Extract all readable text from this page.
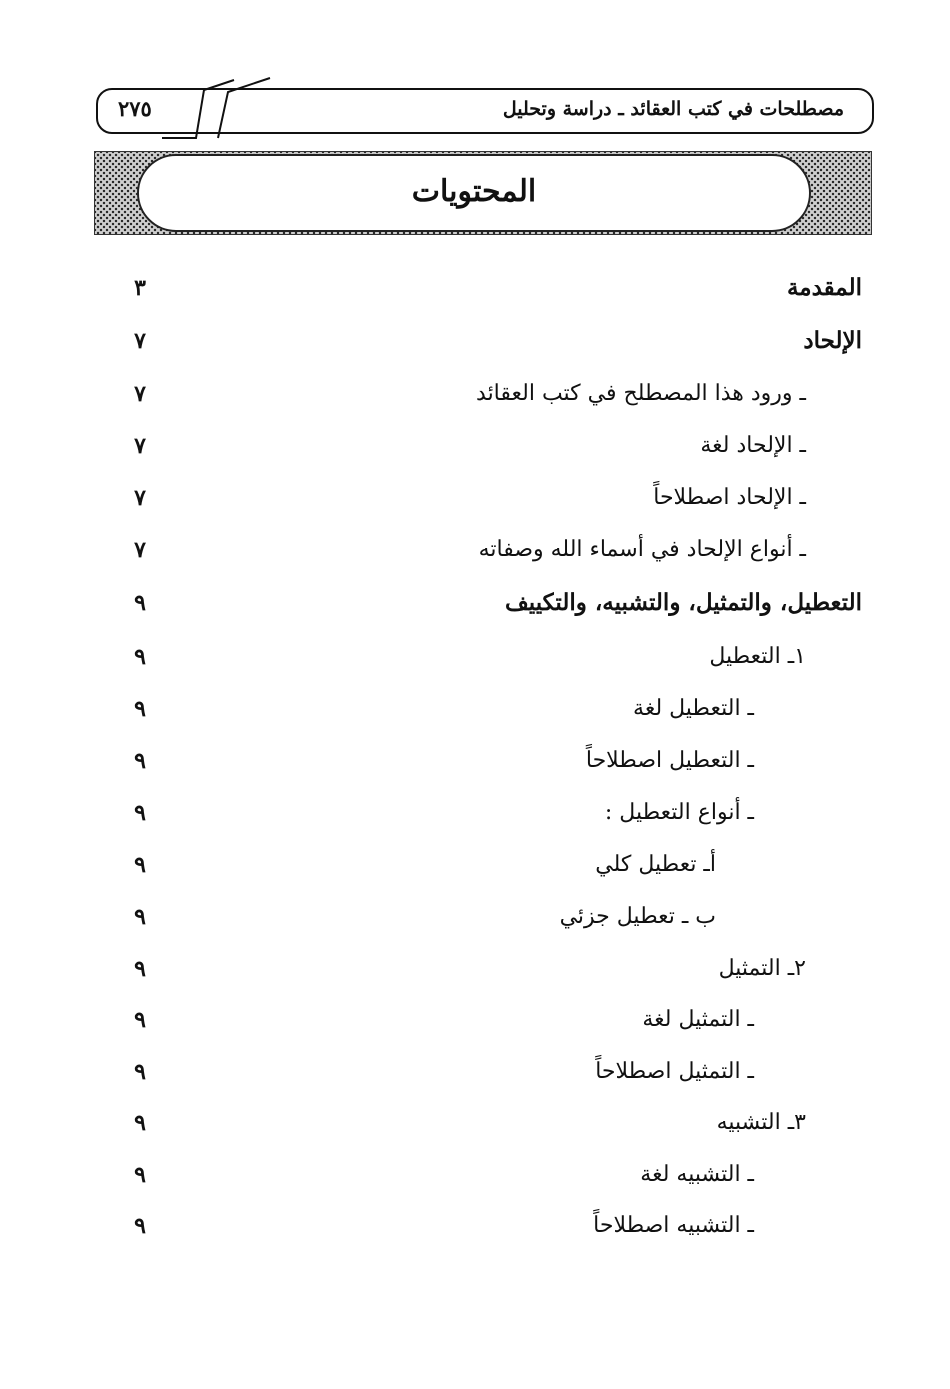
مصطلحات في كتب العقائد ـ دراسة وتحليل
٢٧٥
المحتويات
المقدمة
٣
الإلحاد
٧
ـ ورود هذا المصطلح في كتب العقائد
٧
ـ الإلحاد لغة
٧
ـ الإلحاد اصطلاحاً
٧
ـ أنواع الإلحاد في أسماء الله وصفاته
٧
التعطيل، والتمثيل، والتشبيه، والتكييف
٩
١ـ التعطيل
٩
ـ التعطيل لغة
٩
ـ التعطيل اصطلاحاً
٩
ـ أنواع التعطيل :
٩
أـ تعطيل كلي
٩
ب ـ تعطيل جزئي
٩
٢ـ التمثيل
٩
ـ التمثيل لغة
٩
ـ التمثيل اصطلاحاً
٩
٣ـ التشبيه
٩
ـ التشبيه لغة
٩
ـ التشبيه اصطلاحاً
٩
